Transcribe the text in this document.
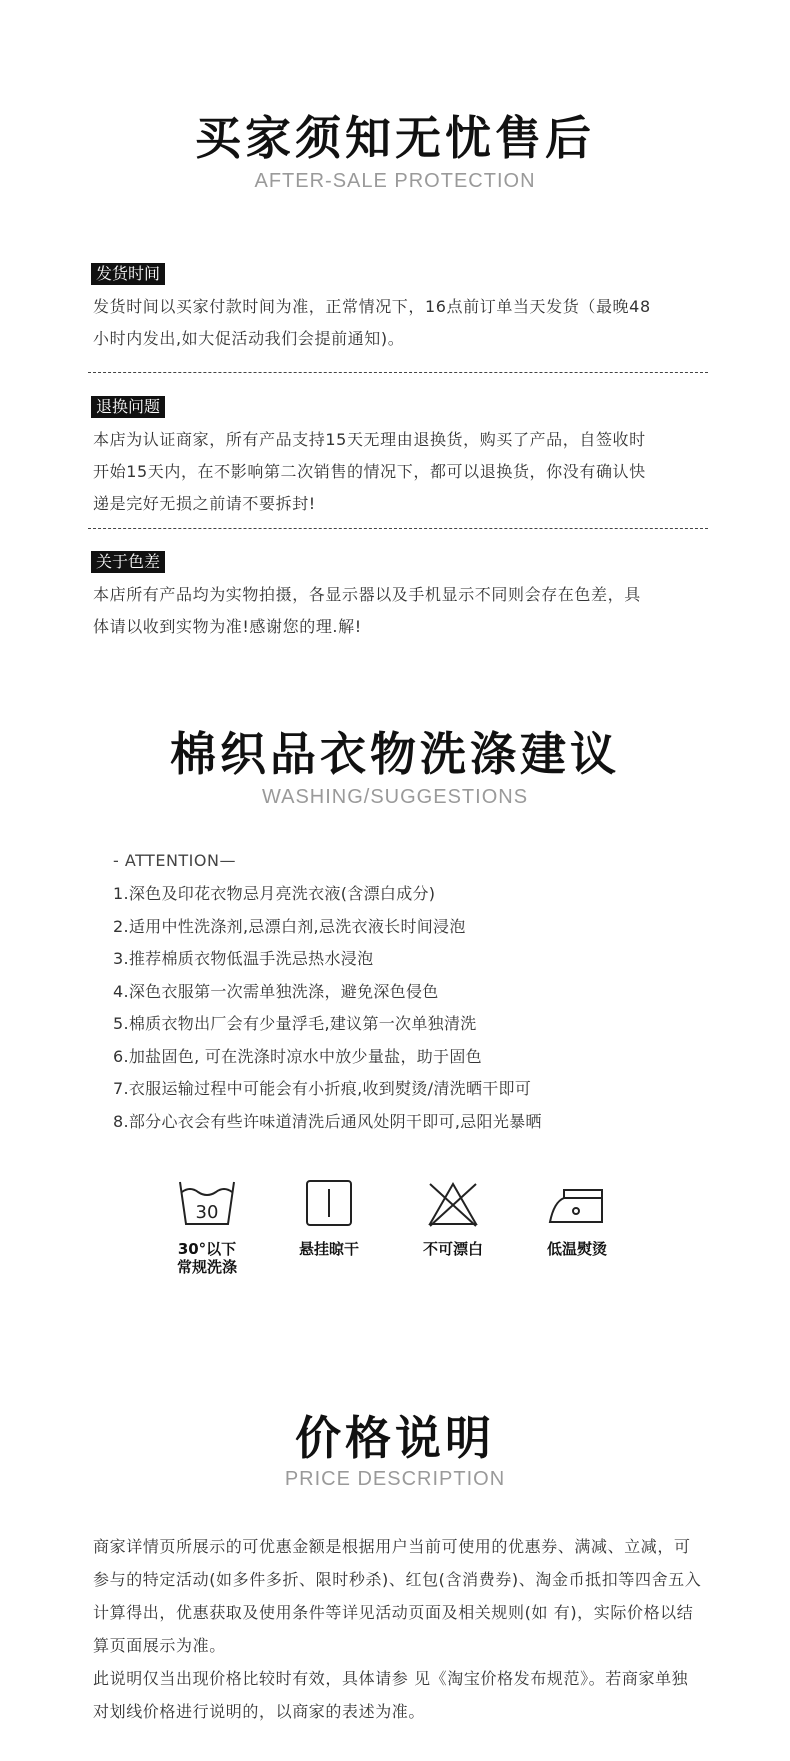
买家须知无忧售后
AFTER-SALE PROTECTION
发货时间
发货时间以买家付款时间为准，正常情况下，16点前订单当天发货（最晚48
小时内发出,如大促活动我们会提前通知)。
退换问题
本店为认证商家，所有产品支持15天无理由退换货，购买了产品，自签收时
开始15天内，在不影响第二次销售的情况下，都可以退换货，你没有确认快
递是完好无损之前请不要拆封!
关于色差
本店所有产品均为实物拍摄，各显示器以及手机显示不同则会存在色差，具
体请以收到实物为准!感谢您的理.解!
棉织品衣物洗涤建议
WASHING/SUGGESTIONS
- ATTENTION—
1.深色及印花衣物忌月亮洗衣液(含漂白成分)
2.适用中性洗涤剂,忌漂白剂,忌洗衣液长时间浸泡
3.推荐棉质衣物低温手洗忌热水浸泡
4.深色衣服第一次需单独洗涤，避免深色侵色
5.棉质衣物出厂会有少量浮毛,建议第一次单独清洗
6.加盐固色, 可在洗涤时凉水中放少量盐，助于固色
7.衣服运输过程中可能会有小折痕,收到熨烫/清洗晒干即可
8.部分心衣会有些许味道清洗后通风处阴干即可,忌阳光暴晒
30
30°以下
常规洗涤
悬挂晾干	不可漂白	低温熨烫
价格说明
PRICE DESCRIPTION
商家详情页所展示的可优惠金额是根据用户当前可使用的优惠券、满减、立减，可
参与的特定活动(如多件多折、限时秒杀)、红包(含消费券)、淘金币抵扣等四舍五入
计算得出，优惠获取及使用条件等详见活动页面及相关规则(如 有)，实际价格以结
算页面展示为准。
此说明仅当出现价格比较时有效，具体请参 见《淘宝价格发布规范》。若商家单独
对划线价格进行说明的，以商家的表述为准。
